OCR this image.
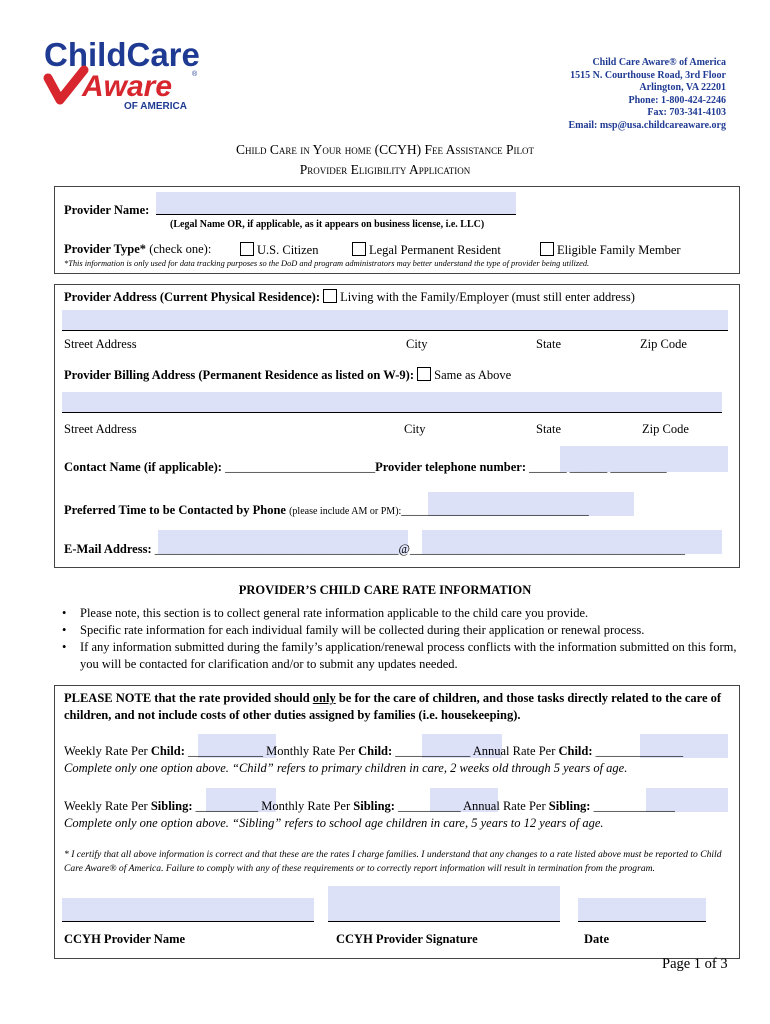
ChildCare
Aware	®
OF AMERICA
Child Care Aware® of America
1515 N. Courthouse Road, 3rd Floor
Arlington, VA 22201
Phone: 1-800-424-2246
Fax: 703-341-4103
Email: msp@usa.childcareaware.org
Child Care in Your home (CCYH) Fee Assistance Pilot
Provider Eligibility Application
Provider Name:
(Legal Name OR, if applicable, as it appears on business license, i.e. LLC)
Provider Type* (check one):	U.S. Citizen	Legal Permanent Resident	Eligible Family Member
*This information is only used for data tracking purposes so the DoD and program administrators may better understand the type of provider being utilized.
Provider Address (Current Physical Residence): Living with the Family/Employer (must still enter address)
Street Address	City	State	Zip Code
Provider Billing Address (Permanent Residence as listed on W-9): Same as Above
Street Address	City	State	Zip Code
Contact Name (if applicable): ________________________Provider telephone number: ______ ______ _________
Preferred Time to be Contacted by Phone (please include AM or PM):______________________________
E-Mail Address: _______________________________________@____________________________________________
PROVIDER’S CHILD CARE RATE INFORMATION
• Please note, this section is to collect general rate information applicable to the child care you provide.
• Specific rate information for each individual family will be collected during their application or renewal process.
• If any information submitted during the family’s application/renewal process conflicts with the information submitted on this form, you will be contacted for clarification and/or to submit any updates needed.
PLEASE NOTE that the rate provided should only be for the care of children, and those tasks directly related to the care of children, and not include costs of other duties assigned by families (i.e. housekeeping).
Weekly Rate Per Child: ____________ Monthly Rate Per Child: ____________ Annual Rate Per Child: ______________
Complete only one option above. “Child” refers to primary children in care, 2 weeks old through 5 years of age.
Weekly Rate Per Sibling: __________ Monthly Rate Per Sibling: __________ Annual Rate Per Sibling: _____________
Complete only one option above. “Sibling” refers to school age children in care, 5 years to 12 years of age.
* I certify that all above information is correct and that these are the rates I charge families. I understand that any changes to a rate listed above must be reported to Child Care Aware® of America. Failure to comply with any of these requirements or to correctly report information will result in termination from the program.
CCYH Provider Name	CCYH Provider Signature	Date
Page 1 of 3
